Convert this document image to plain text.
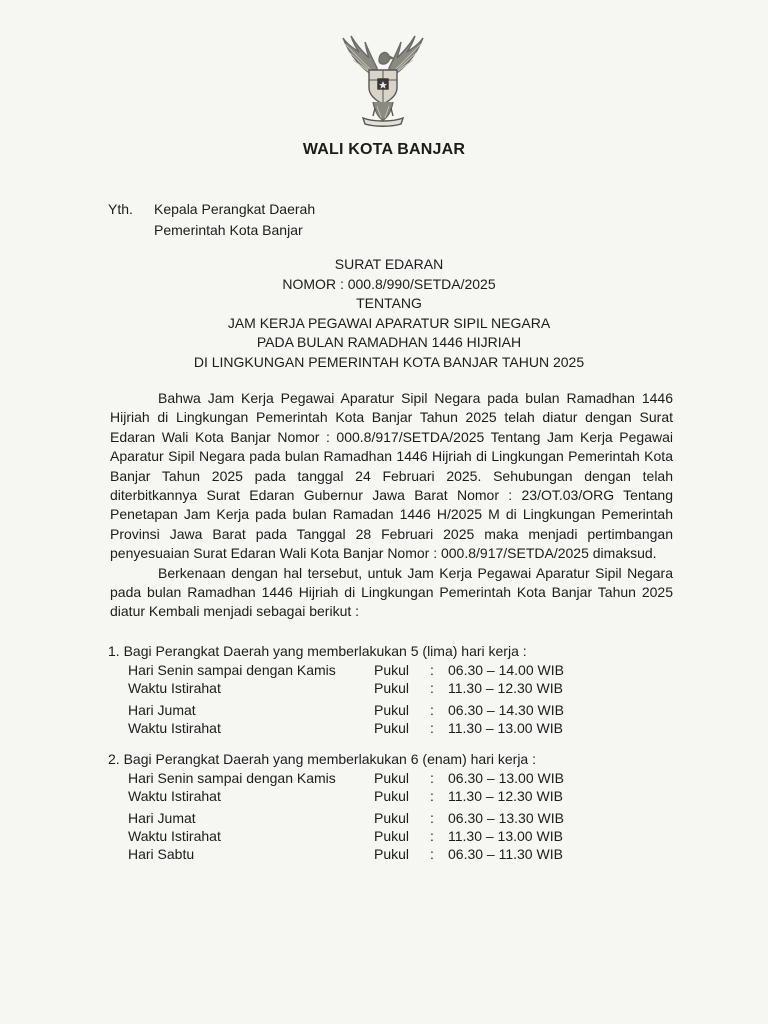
WALI KOTA BANJAR
Yth.	Kepala Perangkat Daerah
Pemerintah Kota Banjar
SURAT EDARAN
NOMOR : 000.8/990/SETDA/2025
TENTANG
JAM KERJA PEGAWAI APARATUR SIPIL NEGARA
PADA BULAN RAMADHAN 1446 HIJRIAH
DI LINGKUNGAN PEMERINTAH KOTA BANJAR TAHUN 2025

Bahwa Jam Kerja Pegawai Aparatur Sipil Negara pada bulan Ramadhan 1446 Hijriah di Lingkungan Pemerintah Kota Banjar Tahun 2025 telah diatur dengan Surat Edaran Wali Kota Banjar Nomor : 000.8/917/SETDA/2025 Tentang Jam Kerja Pegawai Aparatur Sipil Negara pada bulan Ramadhan 1446 Hijriah di Lingkungan Pemerintah Kota Banjar Tahun 2025 pada tanggal 24 Februari 2025. Sehubungan dengan telah diterbitkannya Surat Edaran Gubernur Jawa Barat Nomor : 23/OT.03/ORG Tentang Penetapan Jam Kerja pada bulan Ramadan 1446 H/2025 M di Lingkungan Pemerintah Provinsi Jawa Barat pada Tanggal 28 Februari 2025 maka menjadi pertimbangan penyesuaian Surat Edaran Wali Kota Banjar Nomor : 000.8/917/SETDA/2025 dimaksud.

Berkenaan dengan hal tersebut, untuk Jam Kerja Pegawai Aparatur Sipil Negara pada bulan Ramadhan 1446 Hijriah di Lingkungan Pemerintah Kota Banjar Tahun 2025 diatur Kembali menjadi sebagai berikut :

1. Bagi Perangkat Daerah yang memberlakukan 5 (lima) hari kerja :
Hari Senin sampai dengan Kamis	Pukul	:	06.30 – 14.00 WIB
Waktu Istirahat	Pukul	:	11.30 – 12.30 WIB
Hari Jumat	Pukul	:	06.30 – 14.30 WIB
Waktu Istirahat	Pukul	:	11.30 – 13.00 WIB
2. Bagi Perangkat Daerah yang memberlakukan 6 (enam) hari kerja :
Hari Senin sampai dengan Kamis	Pukul	:	06.30 – 13.00 WIB
Waktu Istirahat	Pukul	:	11.30 – 12.30 WIB
Hari Jumat	Pukul	:	06.30 – 13.30 WIB
Waktu Istirahat	Pukul	:	11.30 – 13.00 WIB
Hari Sabtu	Pukul	:	06.30 – 11.30 WIB
